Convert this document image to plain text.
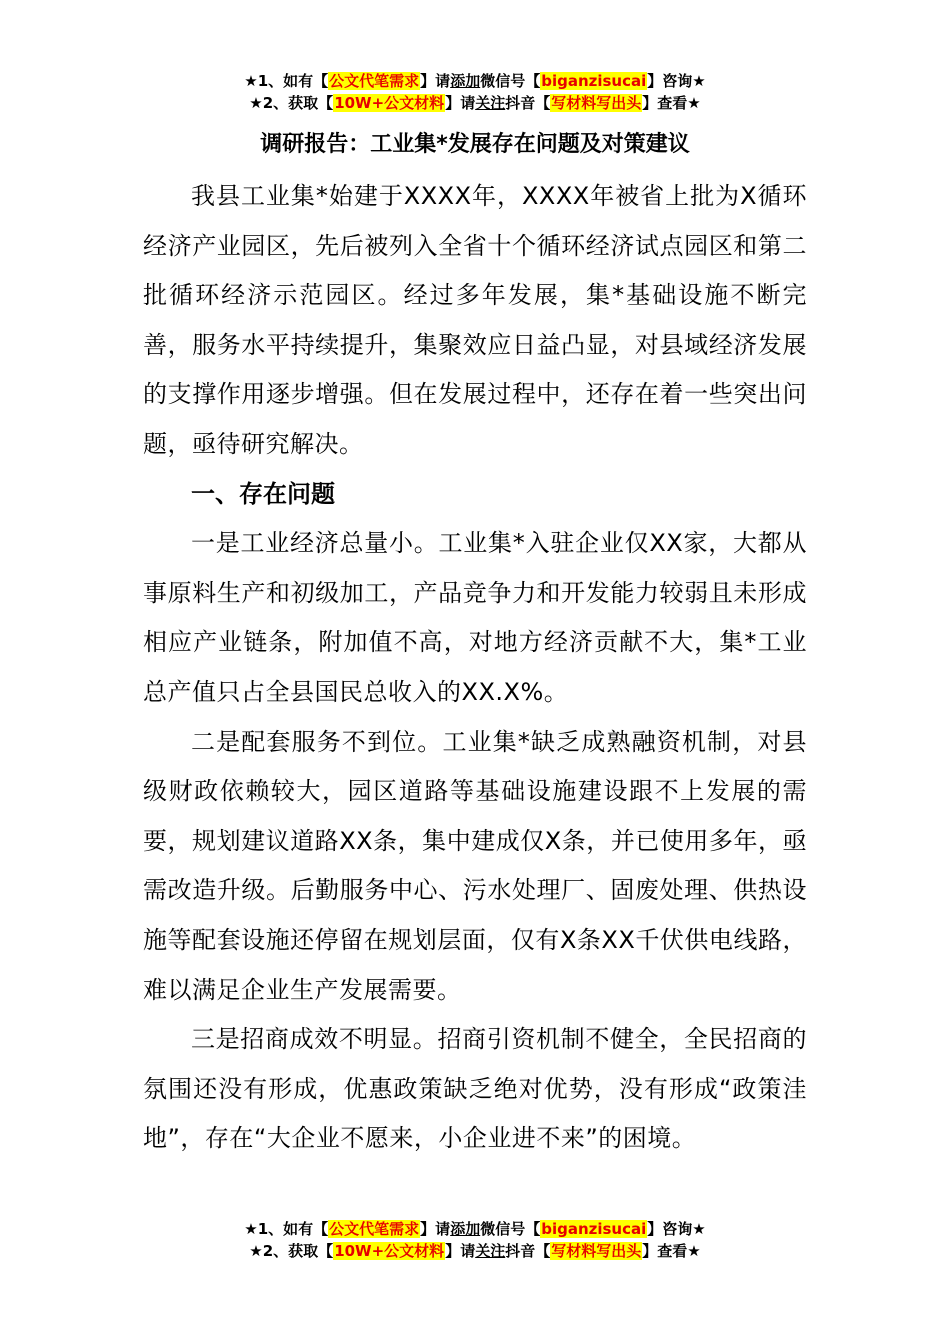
★1、如有【公文代笔需求】请添加微信号【biganzisucai】咨询★
★2、获取【10W+公文材料】请关注抖音【写材料写出头】查看★
调研报告：工业集*发展存在问题及对策建议

我县工业集*始建于XXXX年，XXXX年被省上批为X循环经济产业园区，先后被列入全省十个循环经济试点园区和第二批循环经济示范园区。经过多年发展，集*基础设施不断完善，服务水平持续提升，集聚效应日益凸显，对县域经济发展的支撑作用逐步增强。但在发展过程中，还存在着一些突出问题，亟待研究解决。

一、存在问题

一是工业经济总量小。工业集*入驻企业仅XX家，大都从事原料生产和初级加工，产品竞争力和开发能力较弱且未形成相应产业链条，附加值不高，对地方经济贡献不大，集*工业总产值只占全县国民总收入的XX.X%。

二是配套服务不到位。工业集*缺乏成熟融资机制，对县级财政依赖较大，园区道路等基础设施建设跟不上发展的需要，规划建议道路XX条，集中建成仅X条，并已使用多年，亟需改造升级。后勤服务中心、污水处理厂、固废处理、供热设施等配套设施还停留在规划层面，仅有X条XX千伏供电线路，难以满足企业生产发展需要。

三是招商成效不明显。招商引资机制不健全，全民招商的氛围还没有形成，优惠政策缺乏绝对优势，没有形成“政策洼地”，存在“大企业不愿来，小企业进不来”的困境。

★1、如有【公文代笔需求】请添加微信号【biganzisucai】咨询★
★2、获取【10W+公文材料】请关注抖音【写材料写出头】查看★
